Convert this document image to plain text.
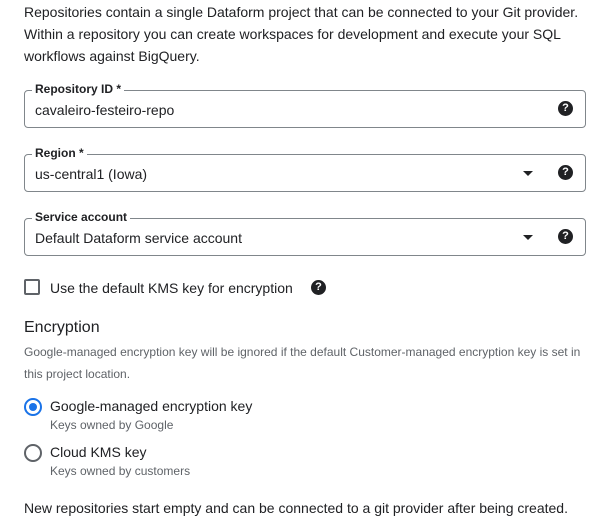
Repositories contain a single Dataform project that can be connected to your Git provider. Within a repository you can create workspaces for development and execute your SQL workflows against BigQuery.
Repository ID *
cavaleiro-festeiro-repo	?
Region *
us-central1 (Iowa)	?
Service account
Default Dataform service account	?
Use the default KMS key for encryption	?
Encryption
Google-managed encryption key will be ignored if the default Customer-managed encryption key is set in this project location.
Google-managed encryption key
Keys owned by Google
Cloud KMS key
Keys owned by customers
New repositories start empty and can be connected to a git provider after being created.
